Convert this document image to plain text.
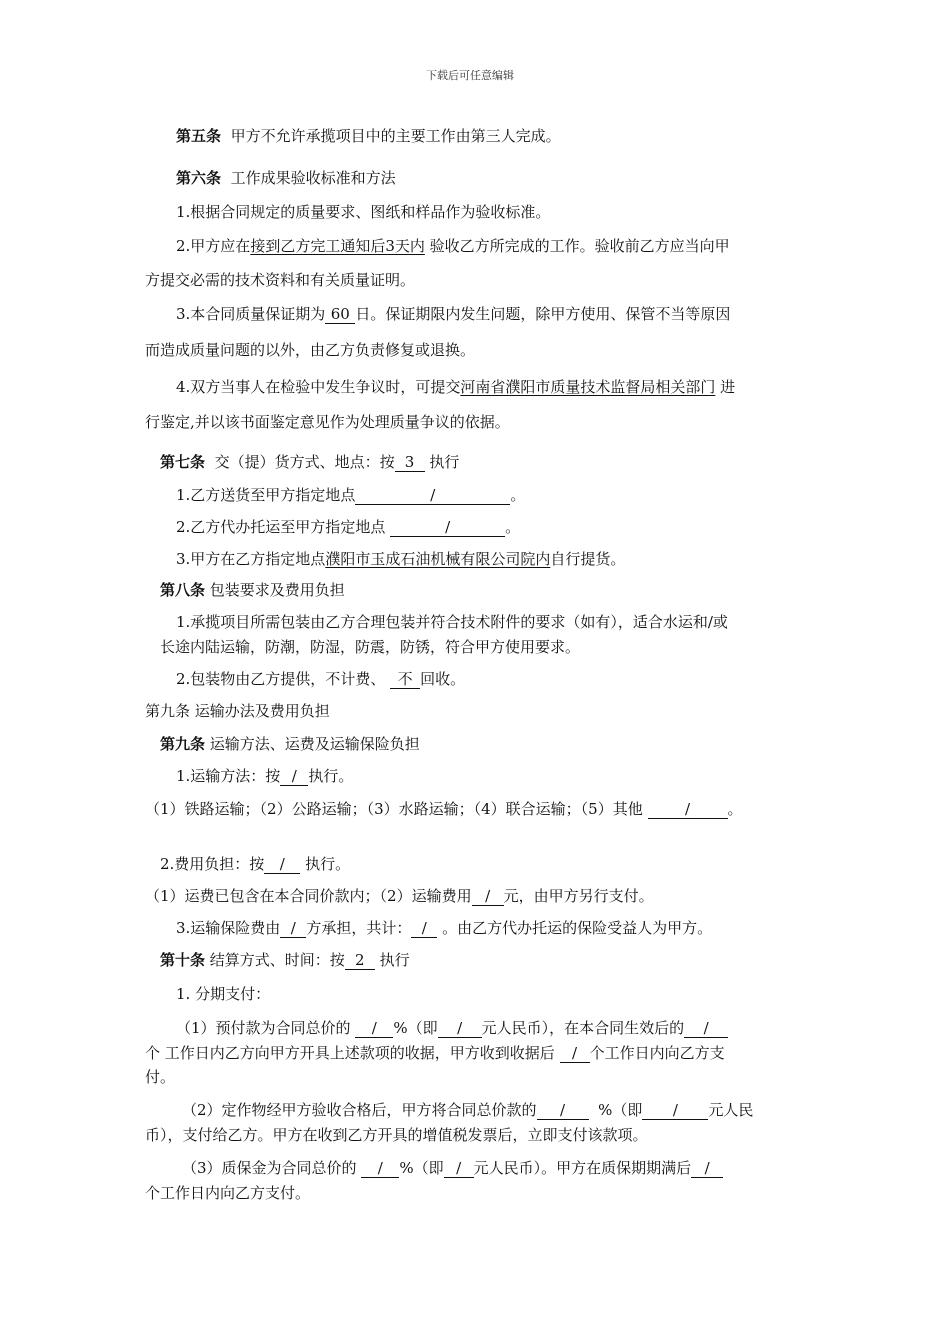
下载后可任意编辑
第五条 甲方不允许承揽项目中的主要工作由第三人完成。
第六条 工作成果验收标准和方法
1.根据合同规定的质量要求、图纸和样品作为验收标准。
2.甲方应在接到乙方完工通知后3天内 验收乙方所完成的工作。验收前乙方应当向甲
方提交必需的技术资料和有关质量证明。
3.本合同质量保证期为 60 日。保证期限内发生问题，除甲方使用、保管不当等原因
而造成质量问题的以外，由乙方负责修复或退换。
4.双方当事人在检验中发生争议时，可提交河南省濮阳市质量技术监督局相关部门 进
行鉴定,并以该书面鉴定意见作为处理质量争议的依据。
第七条 交（提）货方式、地点：按 3 执行
1.乙方送货至甲方指定地点	/	。
2.乙方代办托运至甲方指定地点	/	。
3.甲方在乙方指定地点濮阳市玉成石油机械有限公司院内自行提货。
第八条 包装要求及费用负担
1.承揽项目所需包装由乙方合理包装并符合技术附件的要求（如有），适合水运和/或
长途内陆运输，防潮，防湿，防震，防锈，符合甲方使用要求。
2.包装物由乙方提供，不计费、 不 回收。
第九条 运输办法及费用负担
第九条 运输方法、运费及运输保险负担
1.运输方法：按 / 执行。
（1）铁路运输；（2）公路运输；（3）水路运输；（4）联合运输；（5）其他	/ 。
2.费用负担：按 / 执行。
（1）运费已包含在本合同价款内；（2）运输费用 / 元，由甲方另行支付。
3.运输保险费由 / 方承担，共计： / 。由乙方代办托运的保险受益人为甲方。
第十条 结算方式、时间：按 2 执行
1. 分期支付：
（1）预付款为合同总价的 / %（即 / 元人民币），在本合同生效后的 /
个 工作日内乙方向甲方开具上述款项的收据，甲方收到收据后 / 个工作日内向乙方支
付。
（2）定作物经甲方验收合格后，甲方将合同总价款的 / %（即 / 元人民
币），支付给乙方。甲方在收到乙方开具的增值税发票后，立即支付该款项。
（3）质保金为合同总价的 / %（即 / 元人民币）。甲方在质保期期满后 /
个工作日内向乙方支付。
